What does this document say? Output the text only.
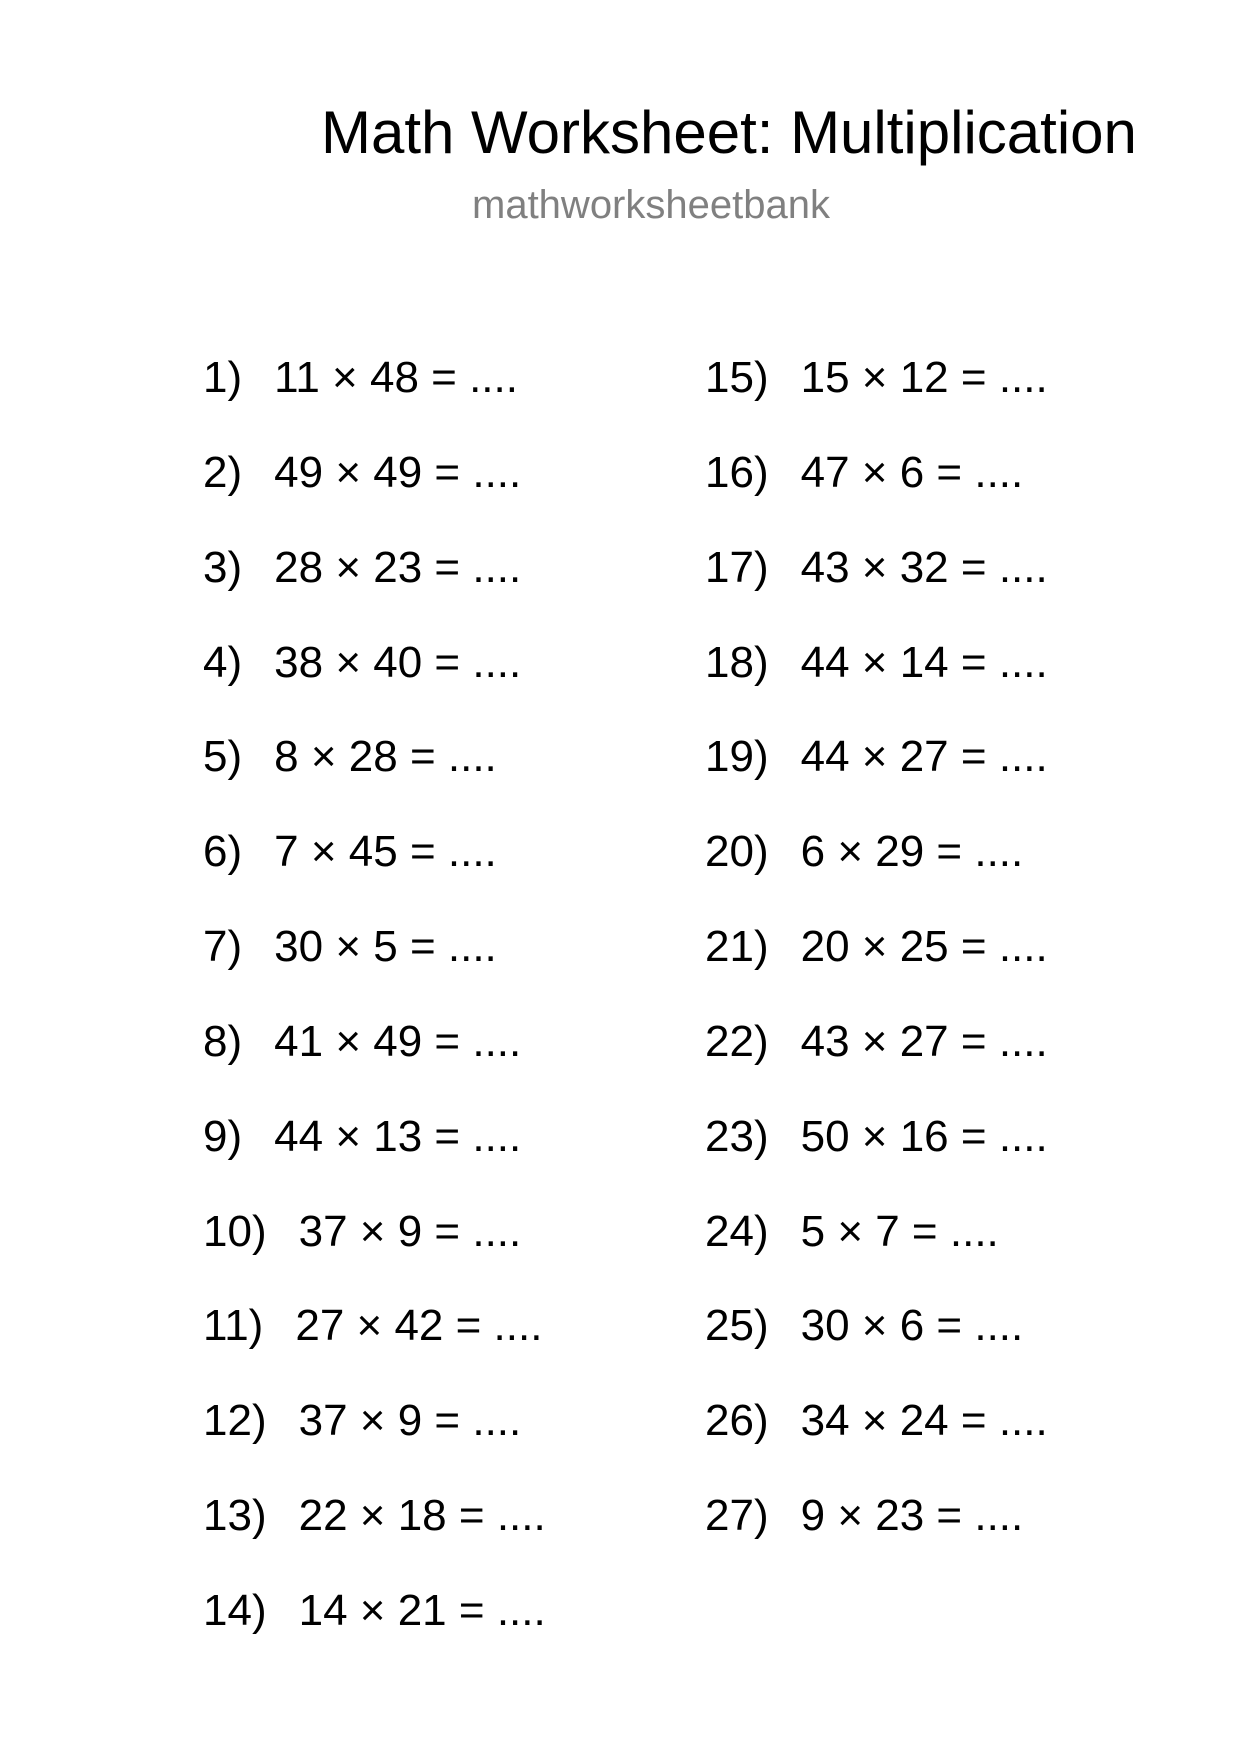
Math Worksheet: Multiplication
mathworksheetbank
1) 11 × 48 = ....
2) 49 × 49 = ....
3) 28 × 23 = ....
4) 38 × 40 = ....
5) 8 × 28 = ....
6) 7 × 45 = ....
7) 30 × 5 = ....
8) 41 × 49 = ....
9) 44 × 13 = ....
10) 37 × 9 = ....
11) 27 × 42 = ....
12) 37 × 9 = ....
13) 22 × 18 = ....
14) 14 × 21 = ....
15) 15 × 12 = ....
16) 47 × 6 = ....
17) 43 × 32 = ....
18) 44 × 14 = ....
19) 44 × 27 = ....
20) 6 × 29 = ....
21) 20 × 25 = ....
22) 43 × 27 = ....
23) 50 × 16 = ....
24) 5 × 7 = ....
25) 30 × 6 = ....
26) 34 × 24 = ....
27) 9 × 23 = ....
